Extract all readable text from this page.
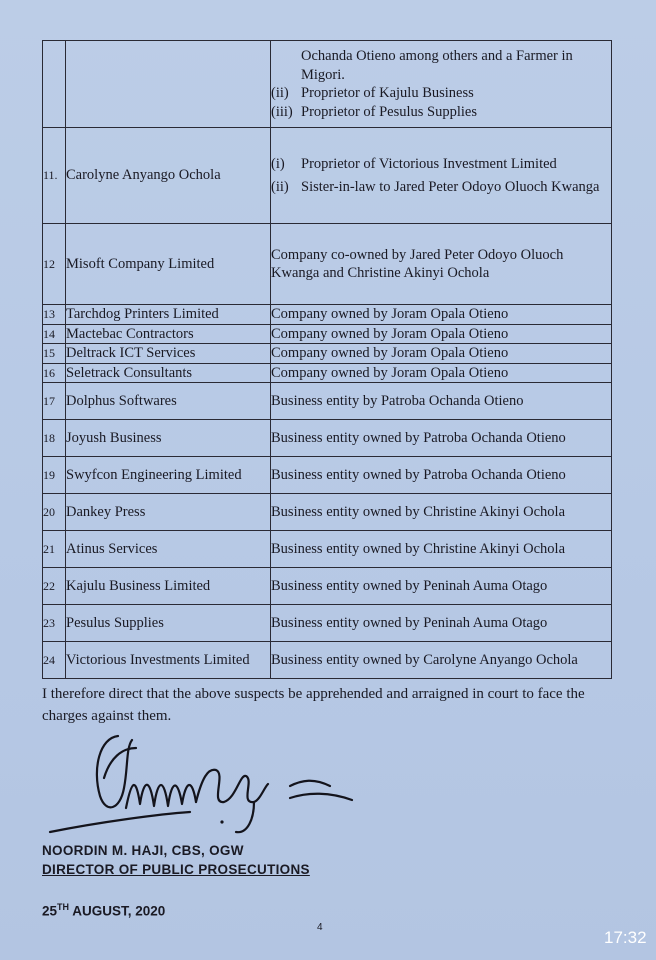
		Ochanda Otieno among others and a Farmer in Migori.
(ii) Proprietor of Kajulu Business
(iii) Proprietor of Pesulus Supplies

11.	Carolyne Anyango Ochola	(i) Proprietor of Victorious Investment Limited
(ii) Sister-in-law to Jared Peter Odoyo Oluoch Kwanga

12	Misoft Company Limited	Company co-owned by Jared Peter Odoyo Oluoch Kwanga and Christine Akinyi Ochola
13	Tarchdog Printers Limited	Company owned by Joram Opala Otieno
14	Mactebac Contractors	Company owned by Joram Opala Otieno
15	Deltrack ICT Services	Company owned by Joram Opala Otieno
16	Seletrack Consultants	Company owned by Joram Opala Otieno
17	Dolphus Softwares	Business entity by Patroba Ochanda Otieno
18	Joyush Business	Business entity owned by Patroba Ochanda Otieno
19	Swyfcon Engineering Limited	Business entity owned by Patroba Ochanda Otieno
20	Dankey Press	Business entity owned by Christine Akinyi Ochola
21	Atinus Services	Business entity owned by Christine Akinyi Ochola
22	Kajulu Business Limited	Business entity owned by Peninah Auma Otago
23	Pesulus Supplies	Business entity owned by Peninah Auma Otago
24	Victorious Investments Limited	Business entity owned by Carolyne Anyango Ochola
I therefore direct that the above suspects be apprehended and arraigned in court to face the charges against them.
NOORDIN M. HAJI, CBS, OGW
DIRECTOR OF PUBLIC PROSECUTIONS
25TH AUGUST, 2020
4
17:32
